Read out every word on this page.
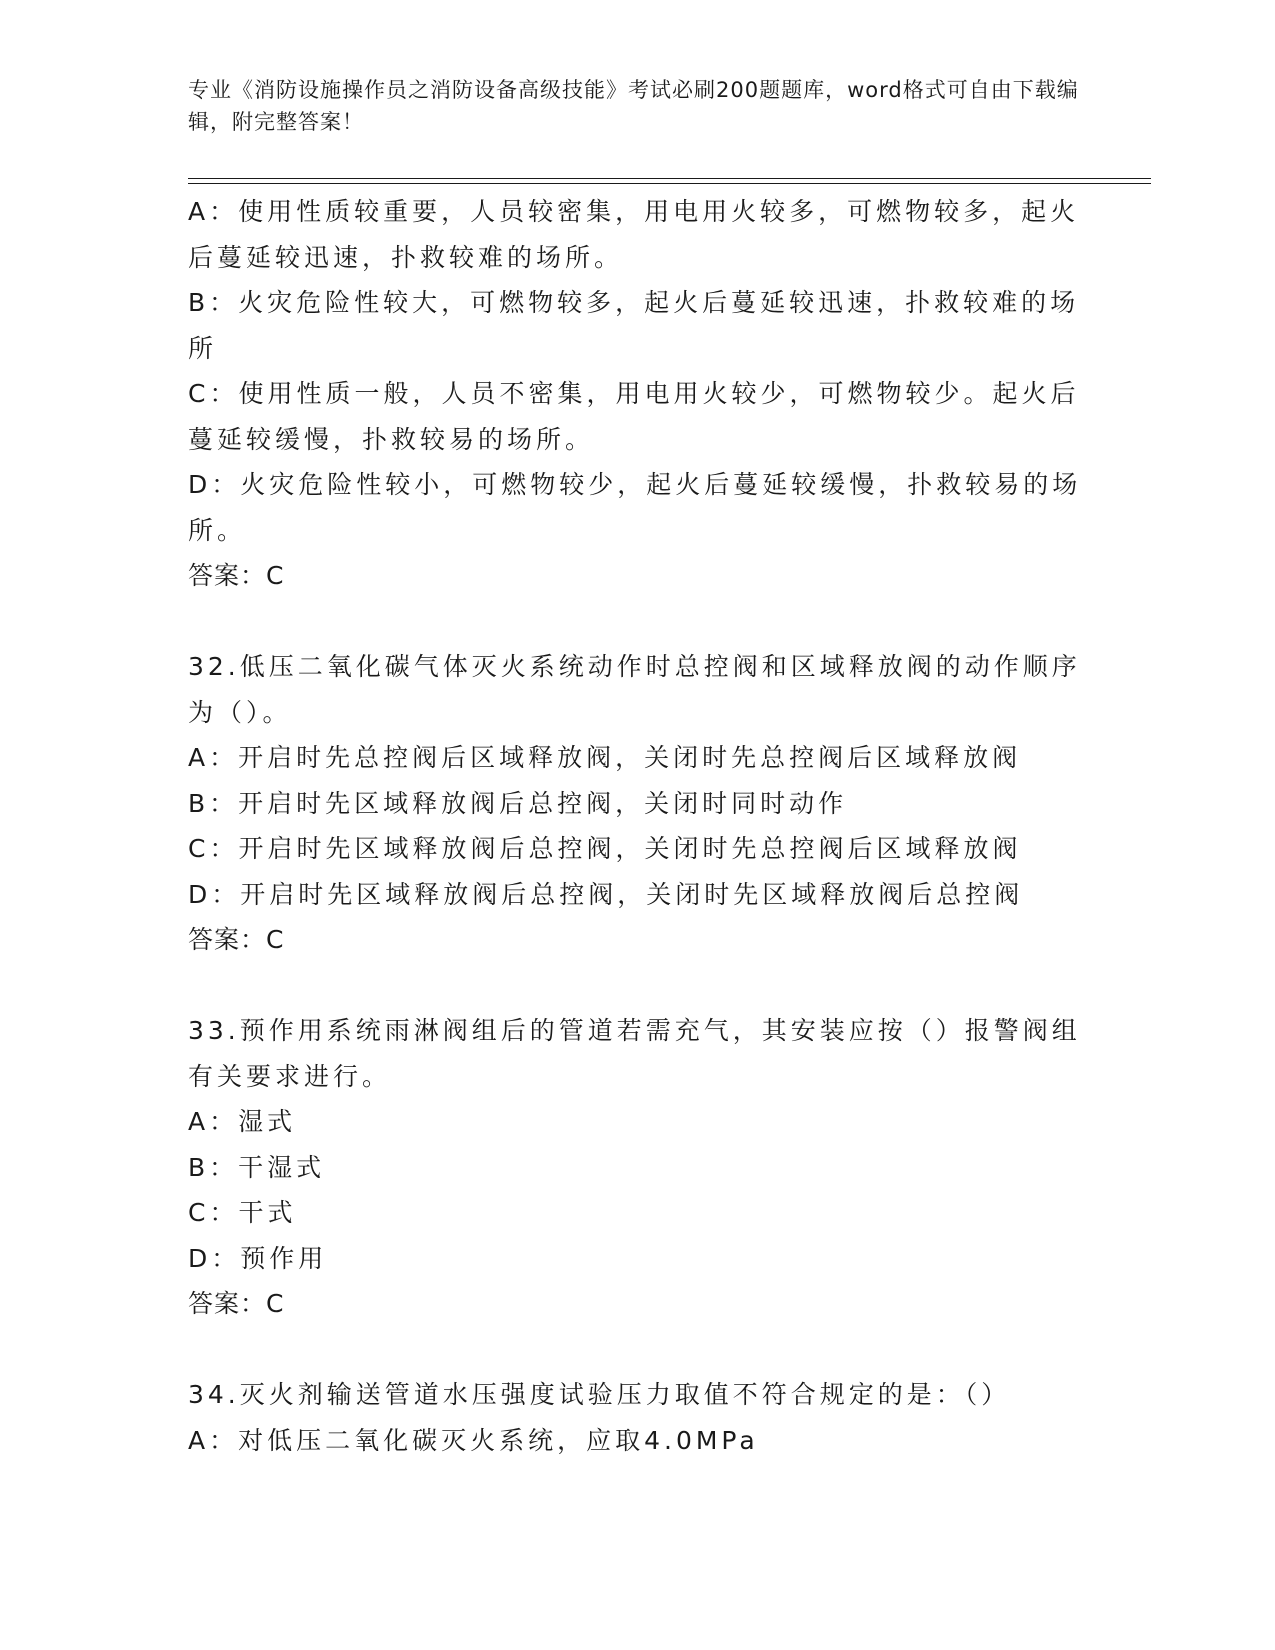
专业《消防设施操作员之消防设备高级技能》考试必刷200题题库，word格式可自由下载编辑，附完整答案！
A：使用性质较重要，人员较密集，用电用火较多，可燃物较多，起火
后蔓延较迅速，扑救较难的场所。
B：火灾危险性较大，可燃物较多，起火后蔓延较迅速，扑救较难的场
所
C：使用性质一般，人员不密集，用电用火较少，可燃物较少。起火后
蔓延较缓慢，扑救较易的场所。
D：火灾危险性较小，可燃物较少，起火后蔓延较缓慢，扑救较易的场
所。
答案：C
32.低压二氧化碳气体灭火系统动作时总控阀和区域释放阀的动作顺序
为（）。
A：开启时先总控阀后区域释放阀，关闭时先总控阀后区域释放阀
B：开启时先区域释放阀后总控阀，关闭时同时动作
C：开启时先区域释放阀后总控阀，关闭时先总控阀后区域释放阀
D：开启时先区域释放阀后总控阀，关闭时先区域释放阀后总控阀
答案：C
33.预作用系统雨淋阀组后的管道若需充气，其安装应按（）报警阀组
有关要求进行。
A：湿式
B：干湿式
C：干式
D：预作用
答案：C
34.灭火剂输送管道水压强度试验压力取值不符合规定的是：（）
A：对低压二氧化碳灭火系统，应取4.0MPa
